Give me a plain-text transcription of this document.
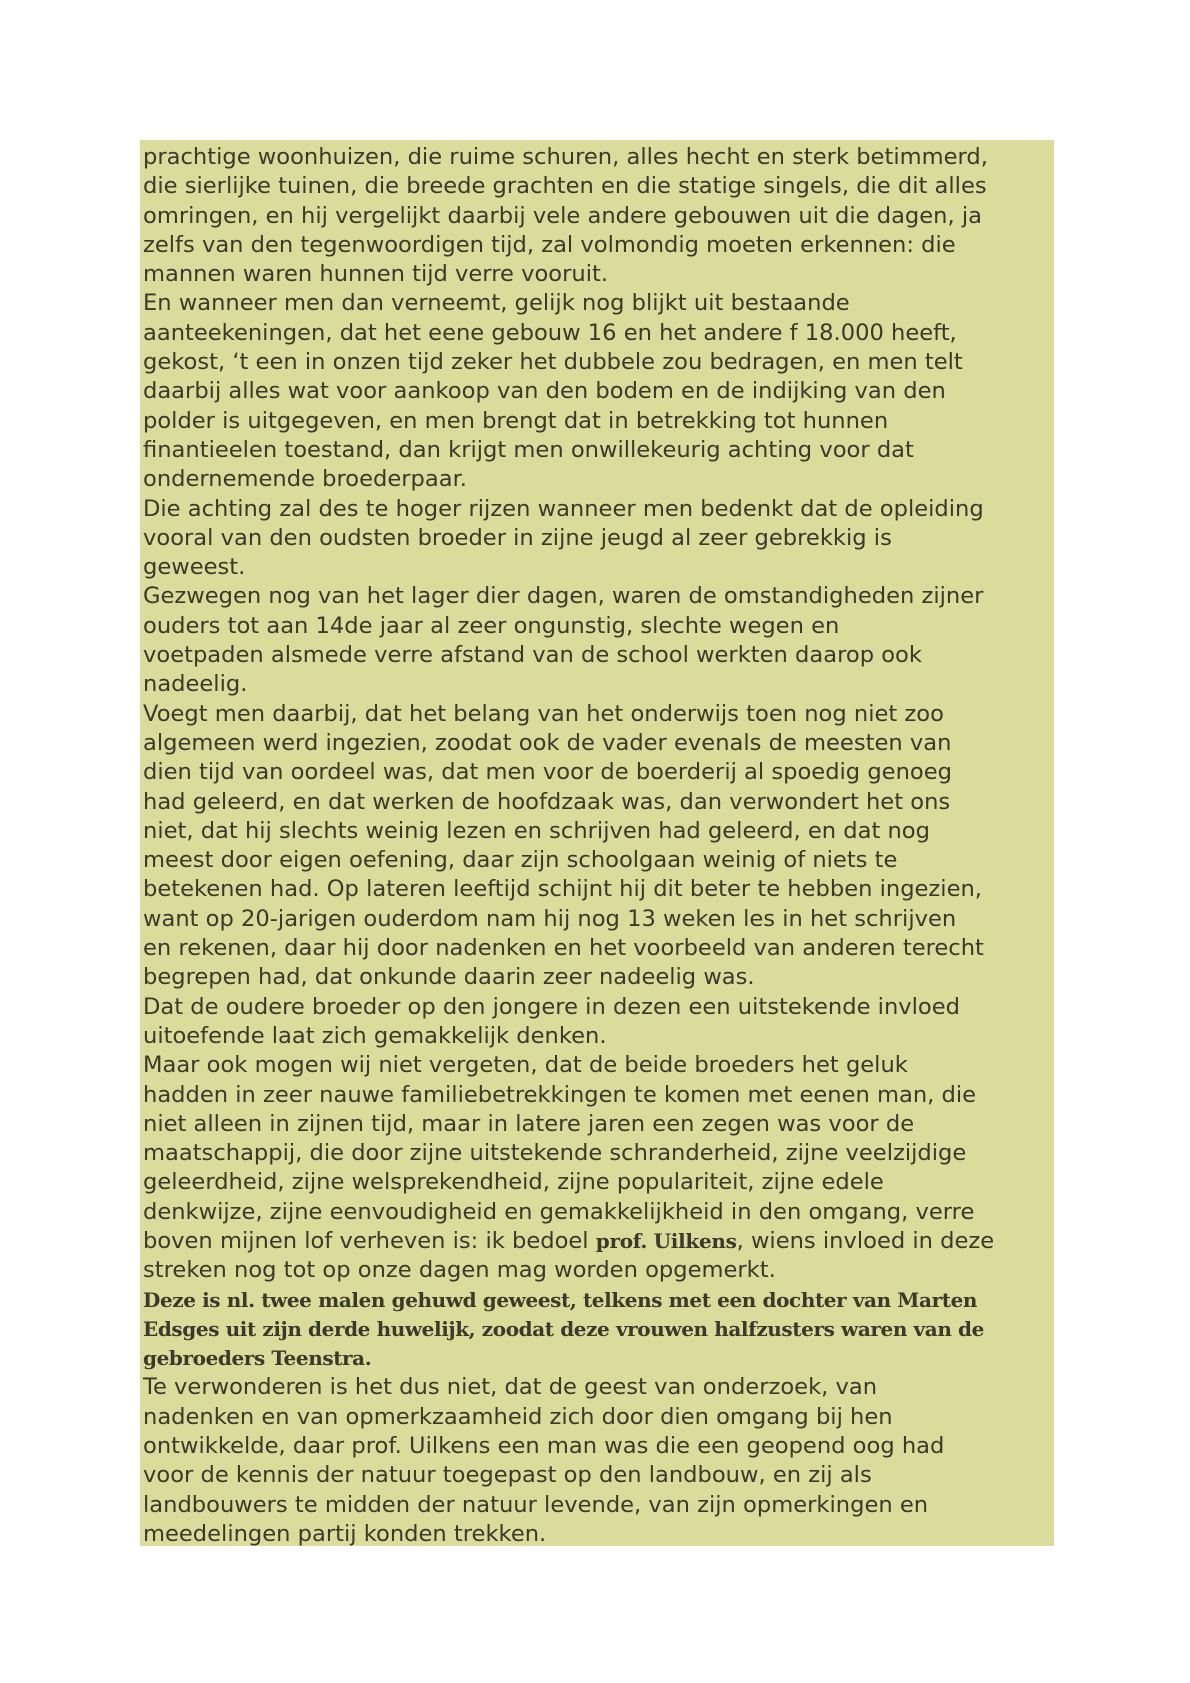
prachtige woonhuizen, die ruime schuren, alles hecht en sterk betimmerd,
die sierlijke tuinen, die breede grachten en die statige singels, die dit alles
omringen, en hij vergelijkt daarbij vele andere gebouwen uit die dagen, ja
zelfs van den tegenwoordigen tijd, zal volmondig moeten erkennen: die
mannen waren hunnen tijd verre vooruit.
En wanneer men dan verneemt, gelijk nog blijkt uit bestaande
aanteekeningen, dat het eene gebouw 16 en het andere f 18.000 heeft,
gekost, ‘t een in onzen tijd zeker het dubbele zou bedragen, en men telt
daarbij alles wat voor aankoop van den bodem en de indijking van den
polder is uitgegeven, en men brengt dat in betrekking tot hunnen
finantieelen toestand, dan krijgt men onwillekeurig achting voor dat
ondernemende broederpaar.
Die achting zal des te hoger rijzen wanneer men bedenkt dat de opleiding
vooral van den oudsten broeder in zijne jeugd al zeer gebrekkig is
geweest.
Gezwegen nog van het lager dier dagen, waren de omstandigheden zijner
ouders tot aan 14de jaar al zeer ongunstig, slechte wegen en
voetpaden alsmede verre afstand van de school werkten daarop ook
nadeelig.
Voegt men daarbij, dat het belang van het onderwijs toen nog niet zoo
algemeen werd ingezien, zoodat ook de vader evenals de meesten van
dien tijd van oordeel was, dat men voor de boerderij al spoedig genoeg
had geleerd, en dat werken de hoofdzaak was, dan verwondert het ons
niet, dat hij slechts weinig lezen en schrijven had geleerd, en dat nog
meest door eigen oefening, daar zijn schoolgaan weinig of niets te
betekenen had. Op lateren leeftijd schijnt hij dit beter te hebben ingezien,
want op 20-jarigen ouderdom nam hij nog 13 weken les in het schrijven
en rekenen, daar hij door nadenken en het voorbeeld van anderen terecht
begrepen had, dat onkunde daarin zeer nadeelig was.
Dat de oudere broeder op den jongere in dezen een uitstekende invloed
uitoefende laat zich gemakkelijk denken.
Maar ook mogen wij niet vergeten, dat de beide broeders het geluk
hadden in zeer nauwe familiebetrekkingen te komen met eenen man, die
niet alleen in zijnen tijd, maar in latere jaren een zegen was voor de
maatschappij, die door zijne uitstekende schranderheid, zijne veelzijdige
geleerdheid, zijne welsprekendheid, zijne populariteit, zijne edele
denkwijze, zijne eenvoudigheid en gemakkelijkheid in den omgang, verre
boven mijnen lof verheven is: ik bedoel prof. Uilkens, wiens invloed in deze
streken nog tot op onze dagen mag worden opgemerkt.
Deze is nl. twee malen gehuwd geweest, telkens met een dochter van Marten
Edsges uit zijn derde huwelijk, zoodat deze vrouwen halfzusters waren van de
gebroeders Teenstra.
Te verwonderen is het dus niet, dat de geest van onderzoek, van
nadenken en van opmerkzaamheid zich door dien omgang bij hen
ontwikkelde, daar prof. Uilkens een man was die een geopend oog had
voor de kennis der natuur toegepast op den landbouw, en zij als
landbouwers te midden der natuur levende, van zijn opmerkingen en
meedelingen partij konden trekken.
